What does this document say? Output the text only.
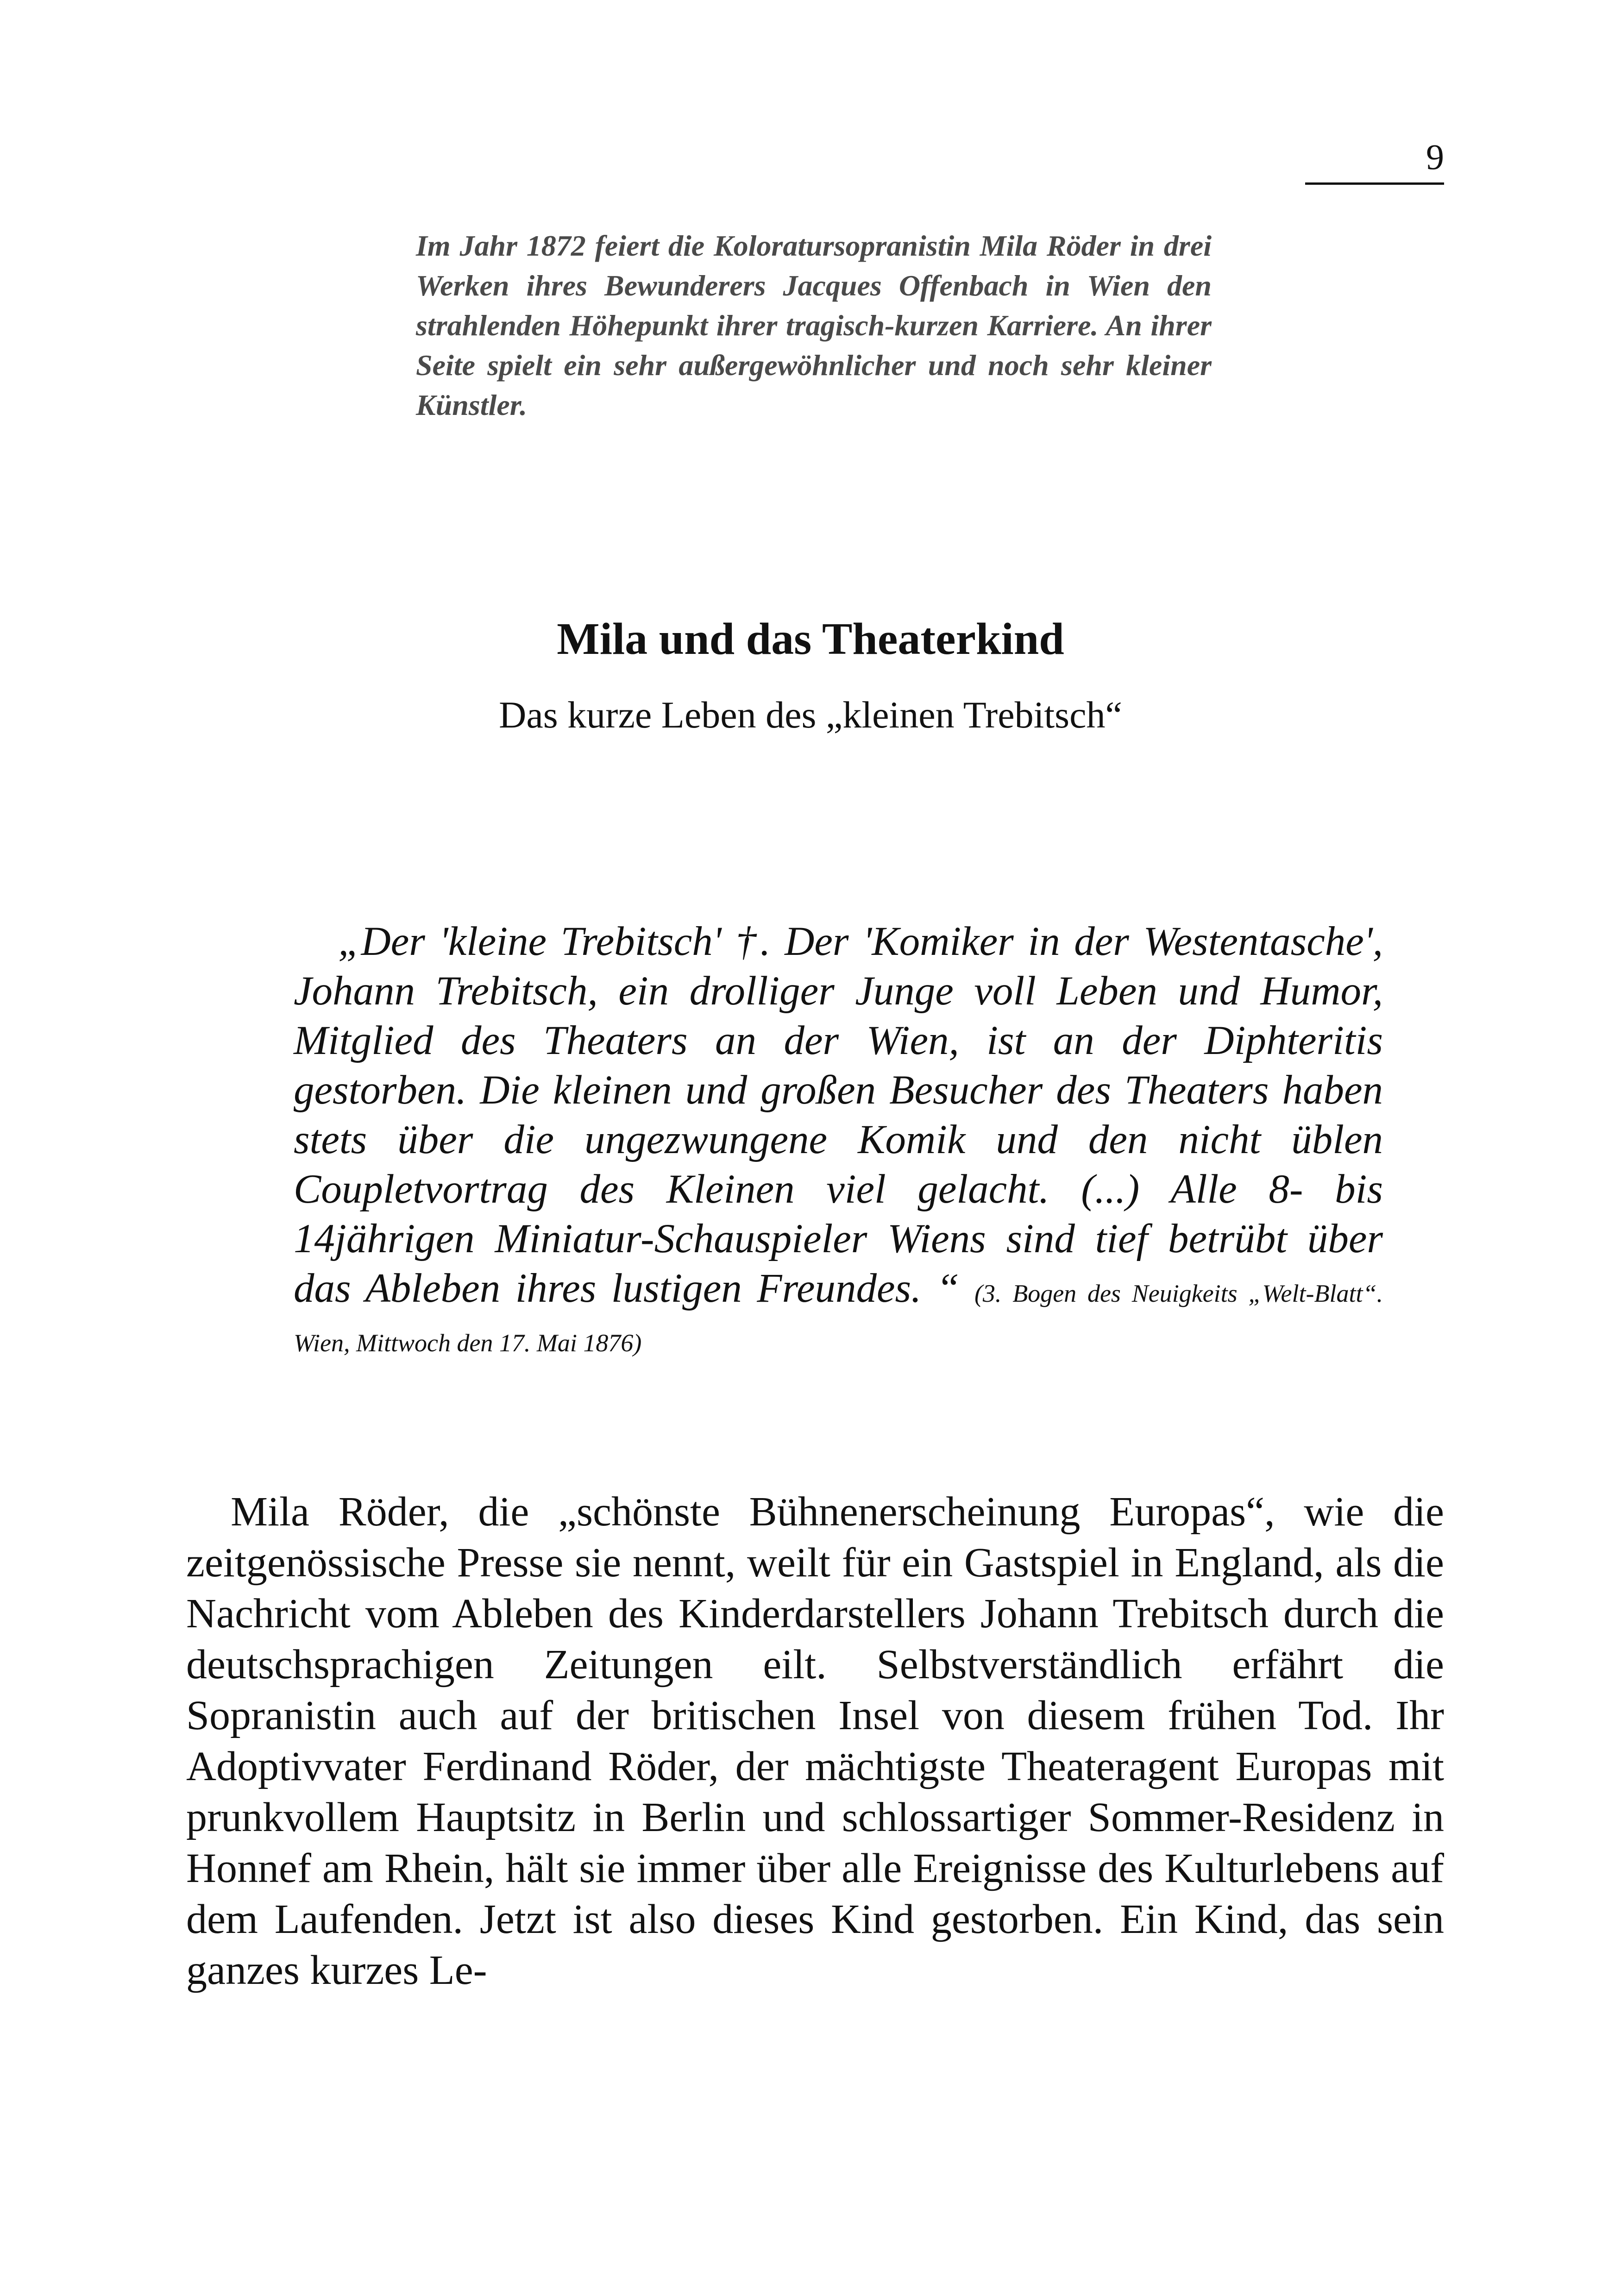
9

Im Jahr 1872 feiert die Koloratursopranistin Mila Röder in drei Werken ihres Bewunderers Jacques Offenbach in Wien den strahlenden Höhepunkt ihrer tragisch-kurzen Karriere. An ihrer Seite spielt ein sehr außergewöhnlicher und noch sehr kleiner Künstler.

Mila und das Theaterkind
Das kurze Leben des „kleinen Trebitsch“

„Der 'kleine Trebitsch' †. Der 'Komiker in der Westentasche', Johann Trebitsch, ein drolliger Junge voll Leben und Humor, Mitglied des Theaters an der Wien, ist an der Diphteritis gestorben. Die kleinen und großen Besucher des Theaters haben stets über die ungezwungene Komik und den nicht üblen Coupletvortrag des Kleinen viel gelacht. (...) Alle 8- bis 14jährigen Miniatur-Schauspieler Wiens sind tief betrübt über das Ableben ihres lustigen Freundes. “ (3. Bogen des Neuigkeits „Welt-Blatt“. Wien, Mittwoch den 17. Mai 1876)

Mila Röder, die „schönste Bühnenerscheinung Europas“, wie die zeitgenössische Presse sie nennt, weilt für ein Gastspiel in England, als die Nachricht vom Ableben des Kinderdarstellers Johann Trebitsch durch die deutschsprachigen Zeitungen eilt. Selbstverständlich erfährt die Sopranistin auch auf der britischen Insel von diesem frühen Tod. Ihr Adoptivvater Ferdinand Röder, der mächtigste Theateragent Europas mit prunkvollem Hauptsitz in Berlin und schlossartiger Sommer-Residenz in Honnef am Rhein, hält sie immer über alle Ereignisse des Kulturlebens auf dem Laufenden. Jetzt ist also dieses Kind gestorben. Ein Kind, das sein ganzes kurzes Le-
